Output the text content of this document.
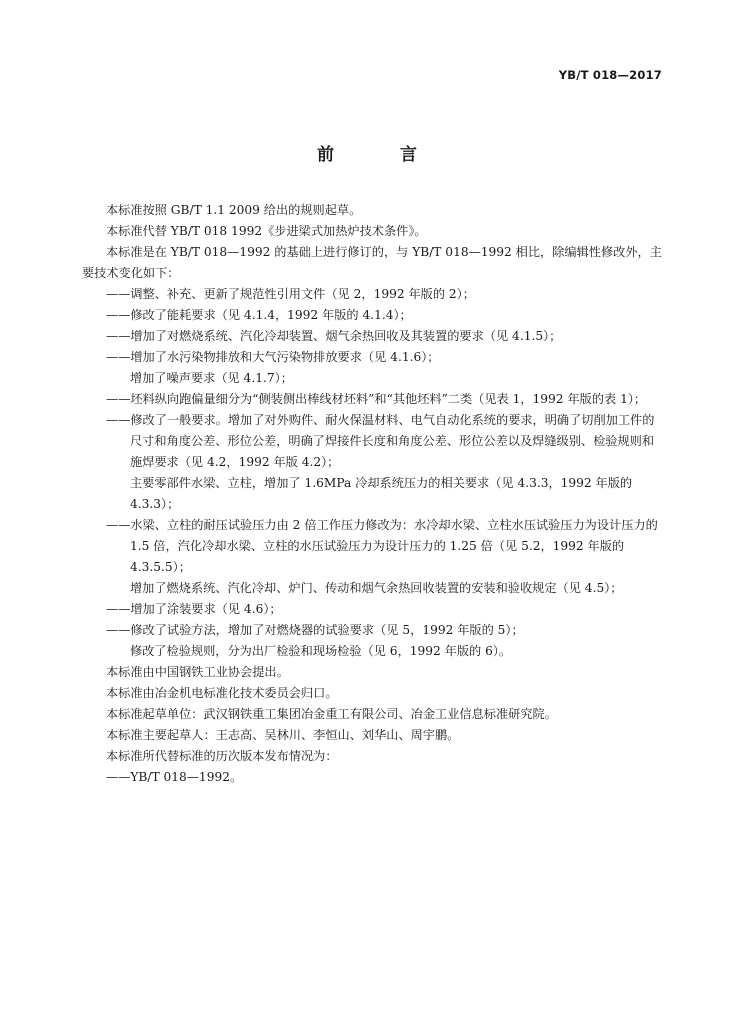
YB/T 018—2017
前 言

本标准按照 GB/T 1.1 2009 给出的规则起草。

本标准代替 YB/T 018 1992《步进梁式加热炉技术条件》。

本标准是在 YB/T 018—1992 的基础上进行修订的，与 YB/T 018—1992 相比，除编辑性修改外，主要技术变化如下：

——调整、补充、更新了规范性引用文件（见 2，1992 年版的 2）；

——修改了能耗要求（见 4.1.4，1992 年版的 4.1.4）；

——增加了对燃烧系统、汽化冷却装置、烟气余热回收及其装置的要求（见 4.1.5）；

——增加了水污染物排放和大气污染物排放要求（见 4.1.6）；

增加了噪声要求（见 4.1.7）；

——坯料纵向跑偏量细分为“侧装侧出棒线材坯料”和“其他坯料”二类（见表 1，1992 年版的表 1）；

——修改了一般要求。增加了对外购件、耐火保温材料、电气自动化系统的要求，明确了切削加工件的尺寸和角度公差、形位公差，明确了焊接件长度和角度公差、形位公差以及焊缝级别、检验规则和施焊要求（见 4.2，1992 年版 4.2）；

主要零部件水梁、立柱，增加了 1.6MPa 冷却系统压力的相关要求（见 4.3.3，1992 年版的 4.3.3）；

——水梁、立柱的耐压试验压力由 2 倍工作压力修改为：水冷却水梁、立柱水压试验压力为设计压力的 1.5 倍，汽化冷却水梁、立柱的水压试验压力为设计压力的 1.25 倍（见 5.2，1992 年版的 4.3.5.5）；

增加了燃烧系统、汽化冷却、炉门、传动和烟气余热回收装置的安装和验收规定（见 4.5）；

——增加了涂装要求（见 4.6）；

——修改了试验方法，增加了对燃烧器的试验要求（见 5，1992 年版的 5）；

修改了检验规则，分为出厂检验和现场检验（见 6，1992 年版的 6）。

本标准由中国钢铁工业协会提出。

本标准由冶金机电标准化技术委员会归口。

本标准起草单位：武汉钢铁重工集团冶金重工有限公司、冶金工业信息标准研究院。

本标准主要起草人：王志高、吴林川、李恒山、刘华山、周宇鹏。

本标准所代替标准的历次版本发布情况为：

——YB/T 018—1992。
